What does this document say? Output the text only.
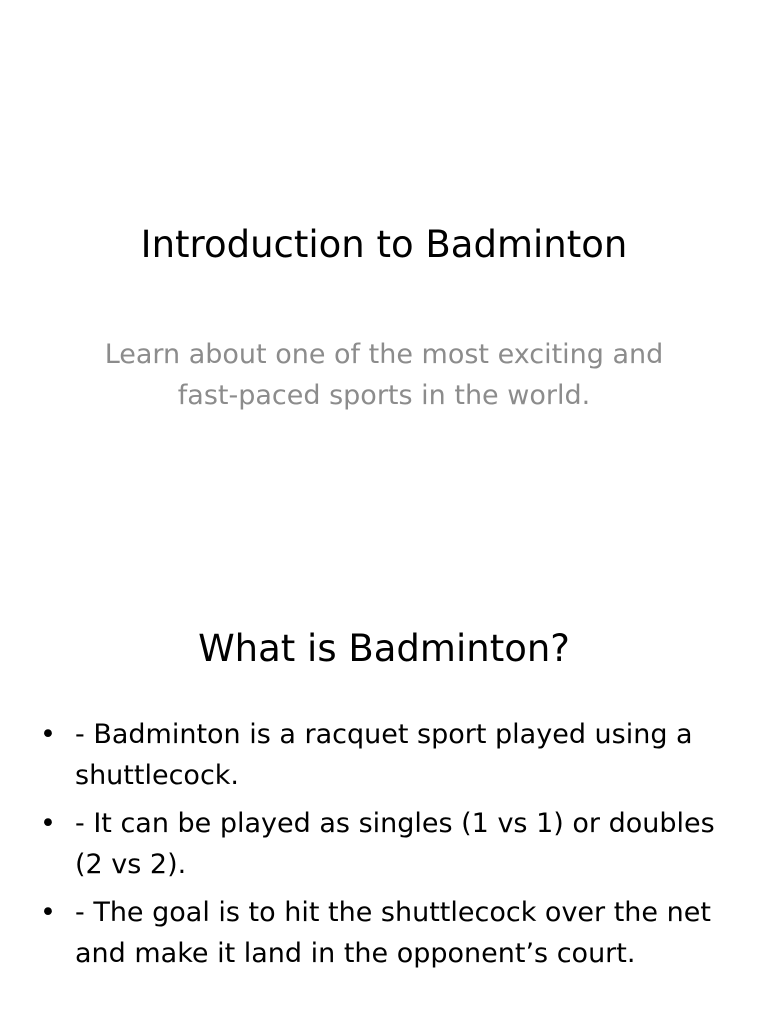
Introduction to Badminton

Learn about one of the most exciting and fast-paced sports in the world.

What is Badminton?
• - Badminton is a racquet sport played using a shuttlecock.
• - It can be played as singles (1 vs 1) or doubles (2 vs 2).
• - The goal is to hit the shuttlecock over the net and make it land in the opponent’s court.
